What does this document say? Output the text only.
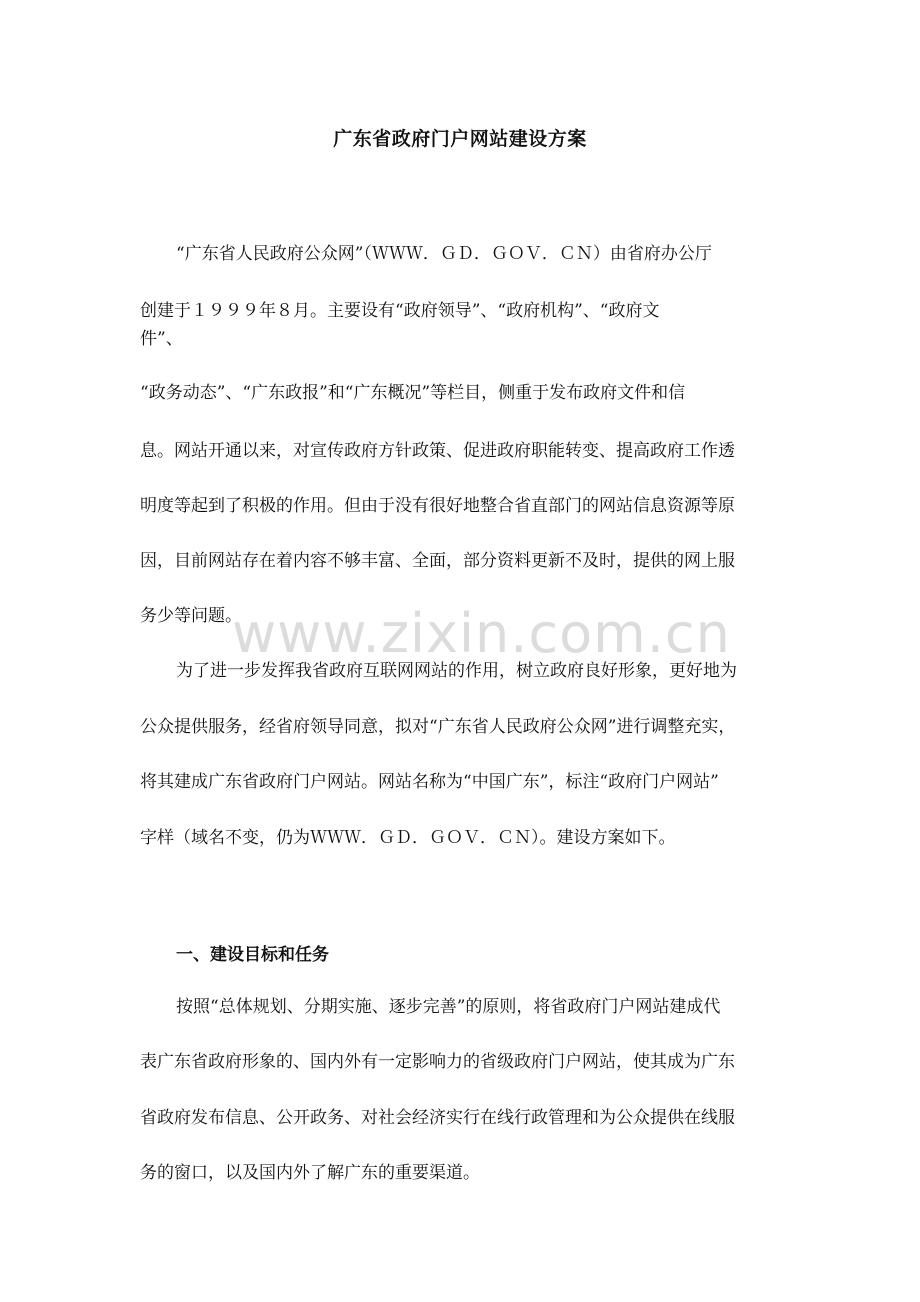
广东省政府门户网站建设方案
“广东省人民政府公众网”（ＷＷＷ．ＧＤ．ＧＯＶ．ＣＮ）由省府办公厅
创建于１９９９年８月。主要设有“政府领导”、“政府机构”、“政府文
件”、
“政务动态”、“广东政报”和“广东概况”等栏目，侧重于发布政府文件和信
息。网站开通以来，对宣传政府方针政策、促进政府职能转变、提高政府工作透
明度等起到了积极的作用。但由于没有很好地整合省直部门的网站信息资源等原
因，目前网站存在着内容不够丰富、全面，部分资料更新不及时，提供的网上服
务少等问题。
为了进一步发挥我省政府互联网网站的作用，树立政府良好形象，更好地为
公众提供服务，经省府领导同意，拟对“广东省人民政府公众网”进行调整充实，
将其建成广东省政府门户网站。网站名称为“中国广东”，标注“政府门户网站”
字样（域名不变，仍为ＷＷＷ．ＧＤ．ＧＯＶ．ＣＮ）。建设方案如下。
一、建设目标和任务
按照“总体规划、分期实施、逐步完善”的原则，将省政府门户网站建成代
表广东省政府形象的、国内外有一定影响力的省级政府门户网站，使其成为广东
省政府发布信息、公开政务、对社会经济实行在线行政管理和为公众提供在线服
务的窗口，以及国内外了解广东的重要渠道。
www.zixin.com.cn
